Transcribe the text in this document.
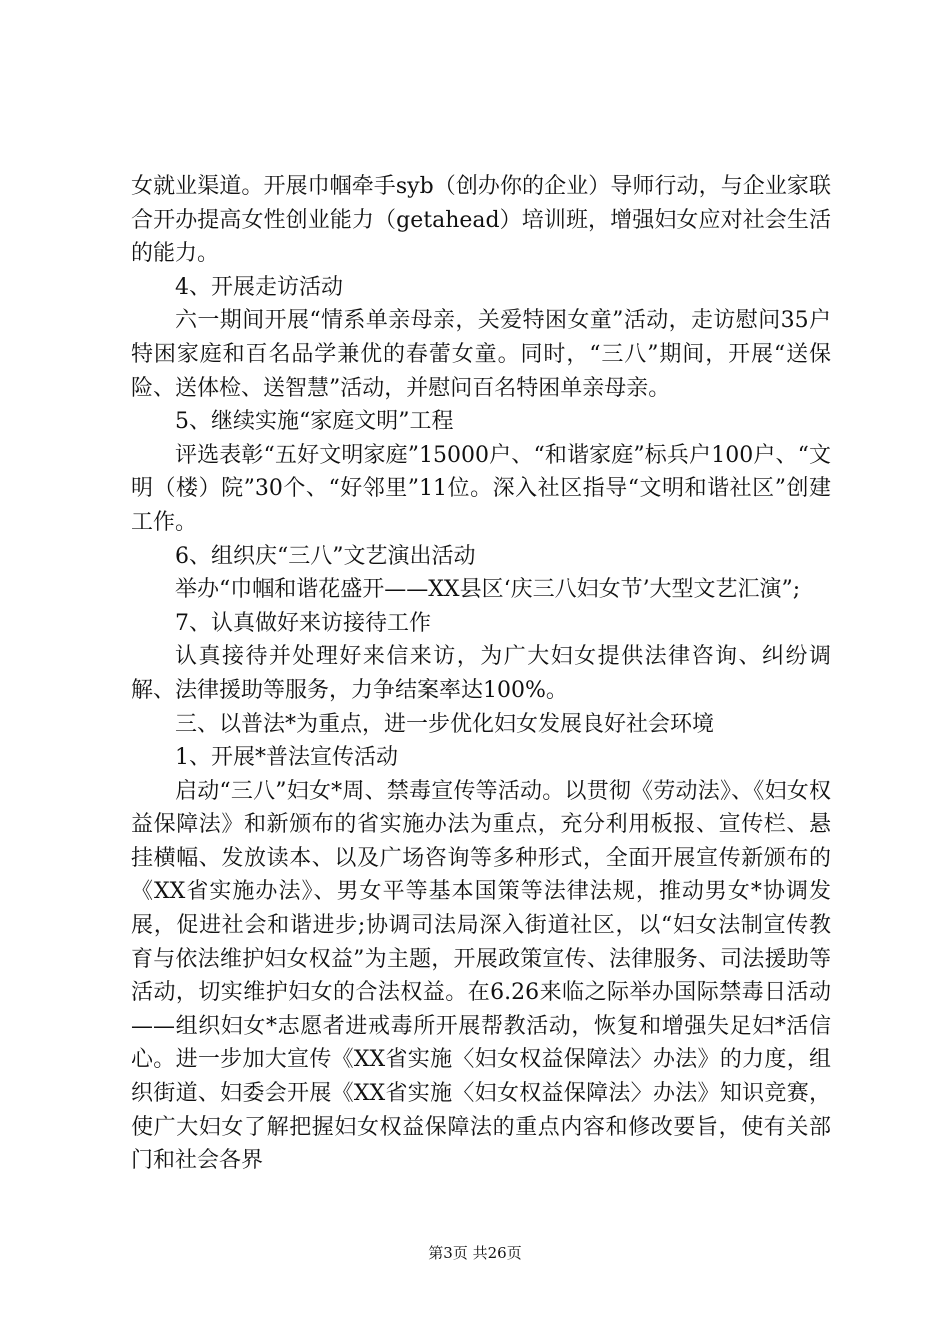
女就业渠道。开展巾帼牵手syb（创办你的企业）导师行动，与企业家联合开办提高女性创业能力（getahead）培训班，增强妇女应对社会生活的能力。

4、开展走访活动

六一期间开展“情系单亲母亲，关爱特困女童”活动，走访慰问35户特困家庭和百名品学兼优的春蕾女童。同时，“三八”期间，开展“送保险、送体检、送智慧”活动，并慰问百名特困单亲母亲。

5、继续实施“家庭文明”工程

评选表彰“五好文明家庭”15000户、“和谐家庭”标兵户100户、“文明（楼）院”30个、“好邻里”11位。深入社区指导“文明和谐社区”创建工作。

6、组织庆“三八”文艺演出活动

举办“巾帼和谐花盛开——XX县区‘庆三八妇女节’大型文艺汇演”;

7、认真做好来访接待工作

认真接待并处理好来信来访，为广大妇女提供法律咨询、纠纷调解、法律援助等服务，力争结案率达100%。

三、以普法*为重点，进一步优化妇女发展良好社会环境

1、开展*普法宣传活动

启动“三八”妇女*周、禁毒宣传等活动。以贯彻《劳动法》、《妇女权益保障法》和新颁布的省实施办法为重点，充分利用板报、宣传栏、悬挂横幅、发放读本、以及广场咨询等多种形式，全面开展宣传新颁布的《XX省实施办法》、男女平等基本国策等法律法规，推动男女*协调发展，促进社会和谐进步;协调司法局深入街道社区，以“妇女法制宣传教育与依法维护妇女权益”为主题，开展政策宣传、法律服务、司法援助等活动，切实维护妇女的合法权益。在6.26来临之际举办国际禁毒日活动——组织妇女*志愿者进戒毒所开展帮教活动，恢复和增强失足妇*活信心。进一步加大宣传《XX省实施〈妇女权益保障法〉办法》的力度，组织街道、妇委会开展《XX省实施〈妇女权益保障法〉办法》知识竞赛，使广大妇女了解把握妇女权益保障法的重点内容和修改要旨，使有关部门和社会各界

第3页 共26页
